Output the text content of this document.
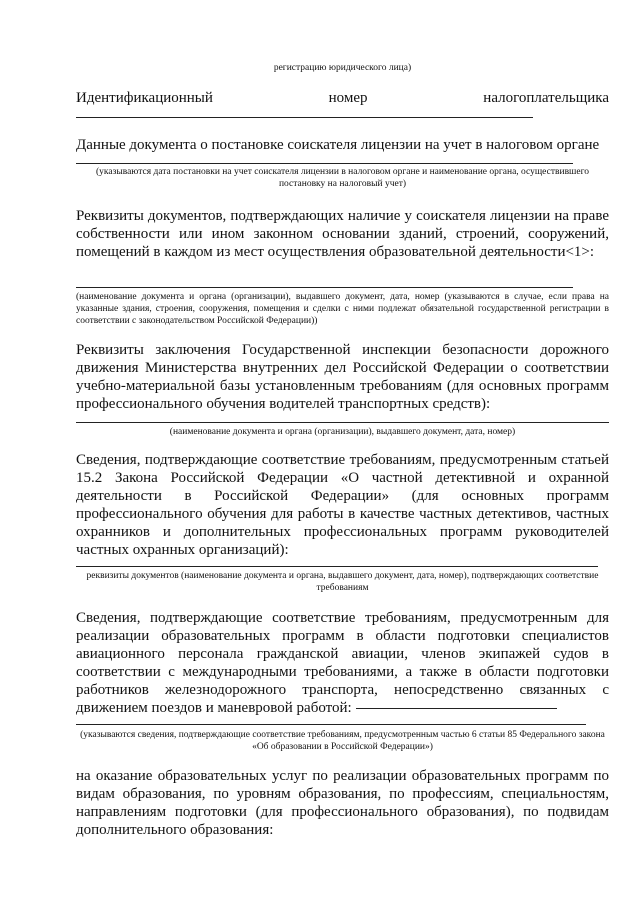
регистрацию юридического лица)

Идентификационный	номер	налогоплательщика

Данные документа о постановке соискателя лицензии на учет в налоговом органе

(указываются дата постановки на учет соискателя лицензии в налоговом органе и наименование органа, осуществившего постановку на налоговый учет)

Реквизиты документов, подтверждающих наличие у соискателя лицензии на праве собственности или ином законном основании зданий, строений, сооружений, помещений в каждом из мест осуществления образовательной деятельности<1>:

(наименование документа и органа (организации), выдавшего документ, дата, номер (указываются в случае, если права на указанные здания, строения, сооружения, помещения и сделки с ними подлежат обязательной государственной регистрации в соответствии с законодательством Российской Федерации))

Реквизиты заключения Государственной инспекции безопасности дорожного движения Министерства внутренних дел Российской Федерации о соответствии учебно-материальной базы установленным требованиям (для основных программ профессионального обучения водителей транспортных средств):

(наименование документа и органа (организации), выдавшего документ, дата, номер)

Сведения, подтверждающие соответствие требованиям, предусмотренным статьей 15.2 Закона Российской Федерации «О частной детективной и охранной деятельности в Российской Федерации» (для основных программ профессионального обучения для работы в качестве частных детективов, частных охранников и дополнительных профессиональных программ руководителей частных охранных организаций):

реквизиты документов (наименование документа и органа, выдавшего документ, дата, номер), подтверждающих соответствие требованиям

Сведения, подтверждающие соответствие требованиям, предусмотренным для реализации образовательных программ в области подготовки специалистов авиационного персонала гражданской авиации, членов экипажей судов в соответствии с международными требованиями, а также в области подготовки работников железнодорожного транспорта, непосредственно связанных с движением поездов и маневровой работой:

(указываются сведения, подтверждающие соответствие требованиям, предусмотренным частью 6 статьи 85 Федерального закона «Об образовании в Российской Федерации»)

на оказание образовательных услуг по реализации образовательных программ по видам образования, по уровням образования, по профессиям, специальностям, направлениям подготовки (для профессионального образования), по подвидам дополнительного образования:
